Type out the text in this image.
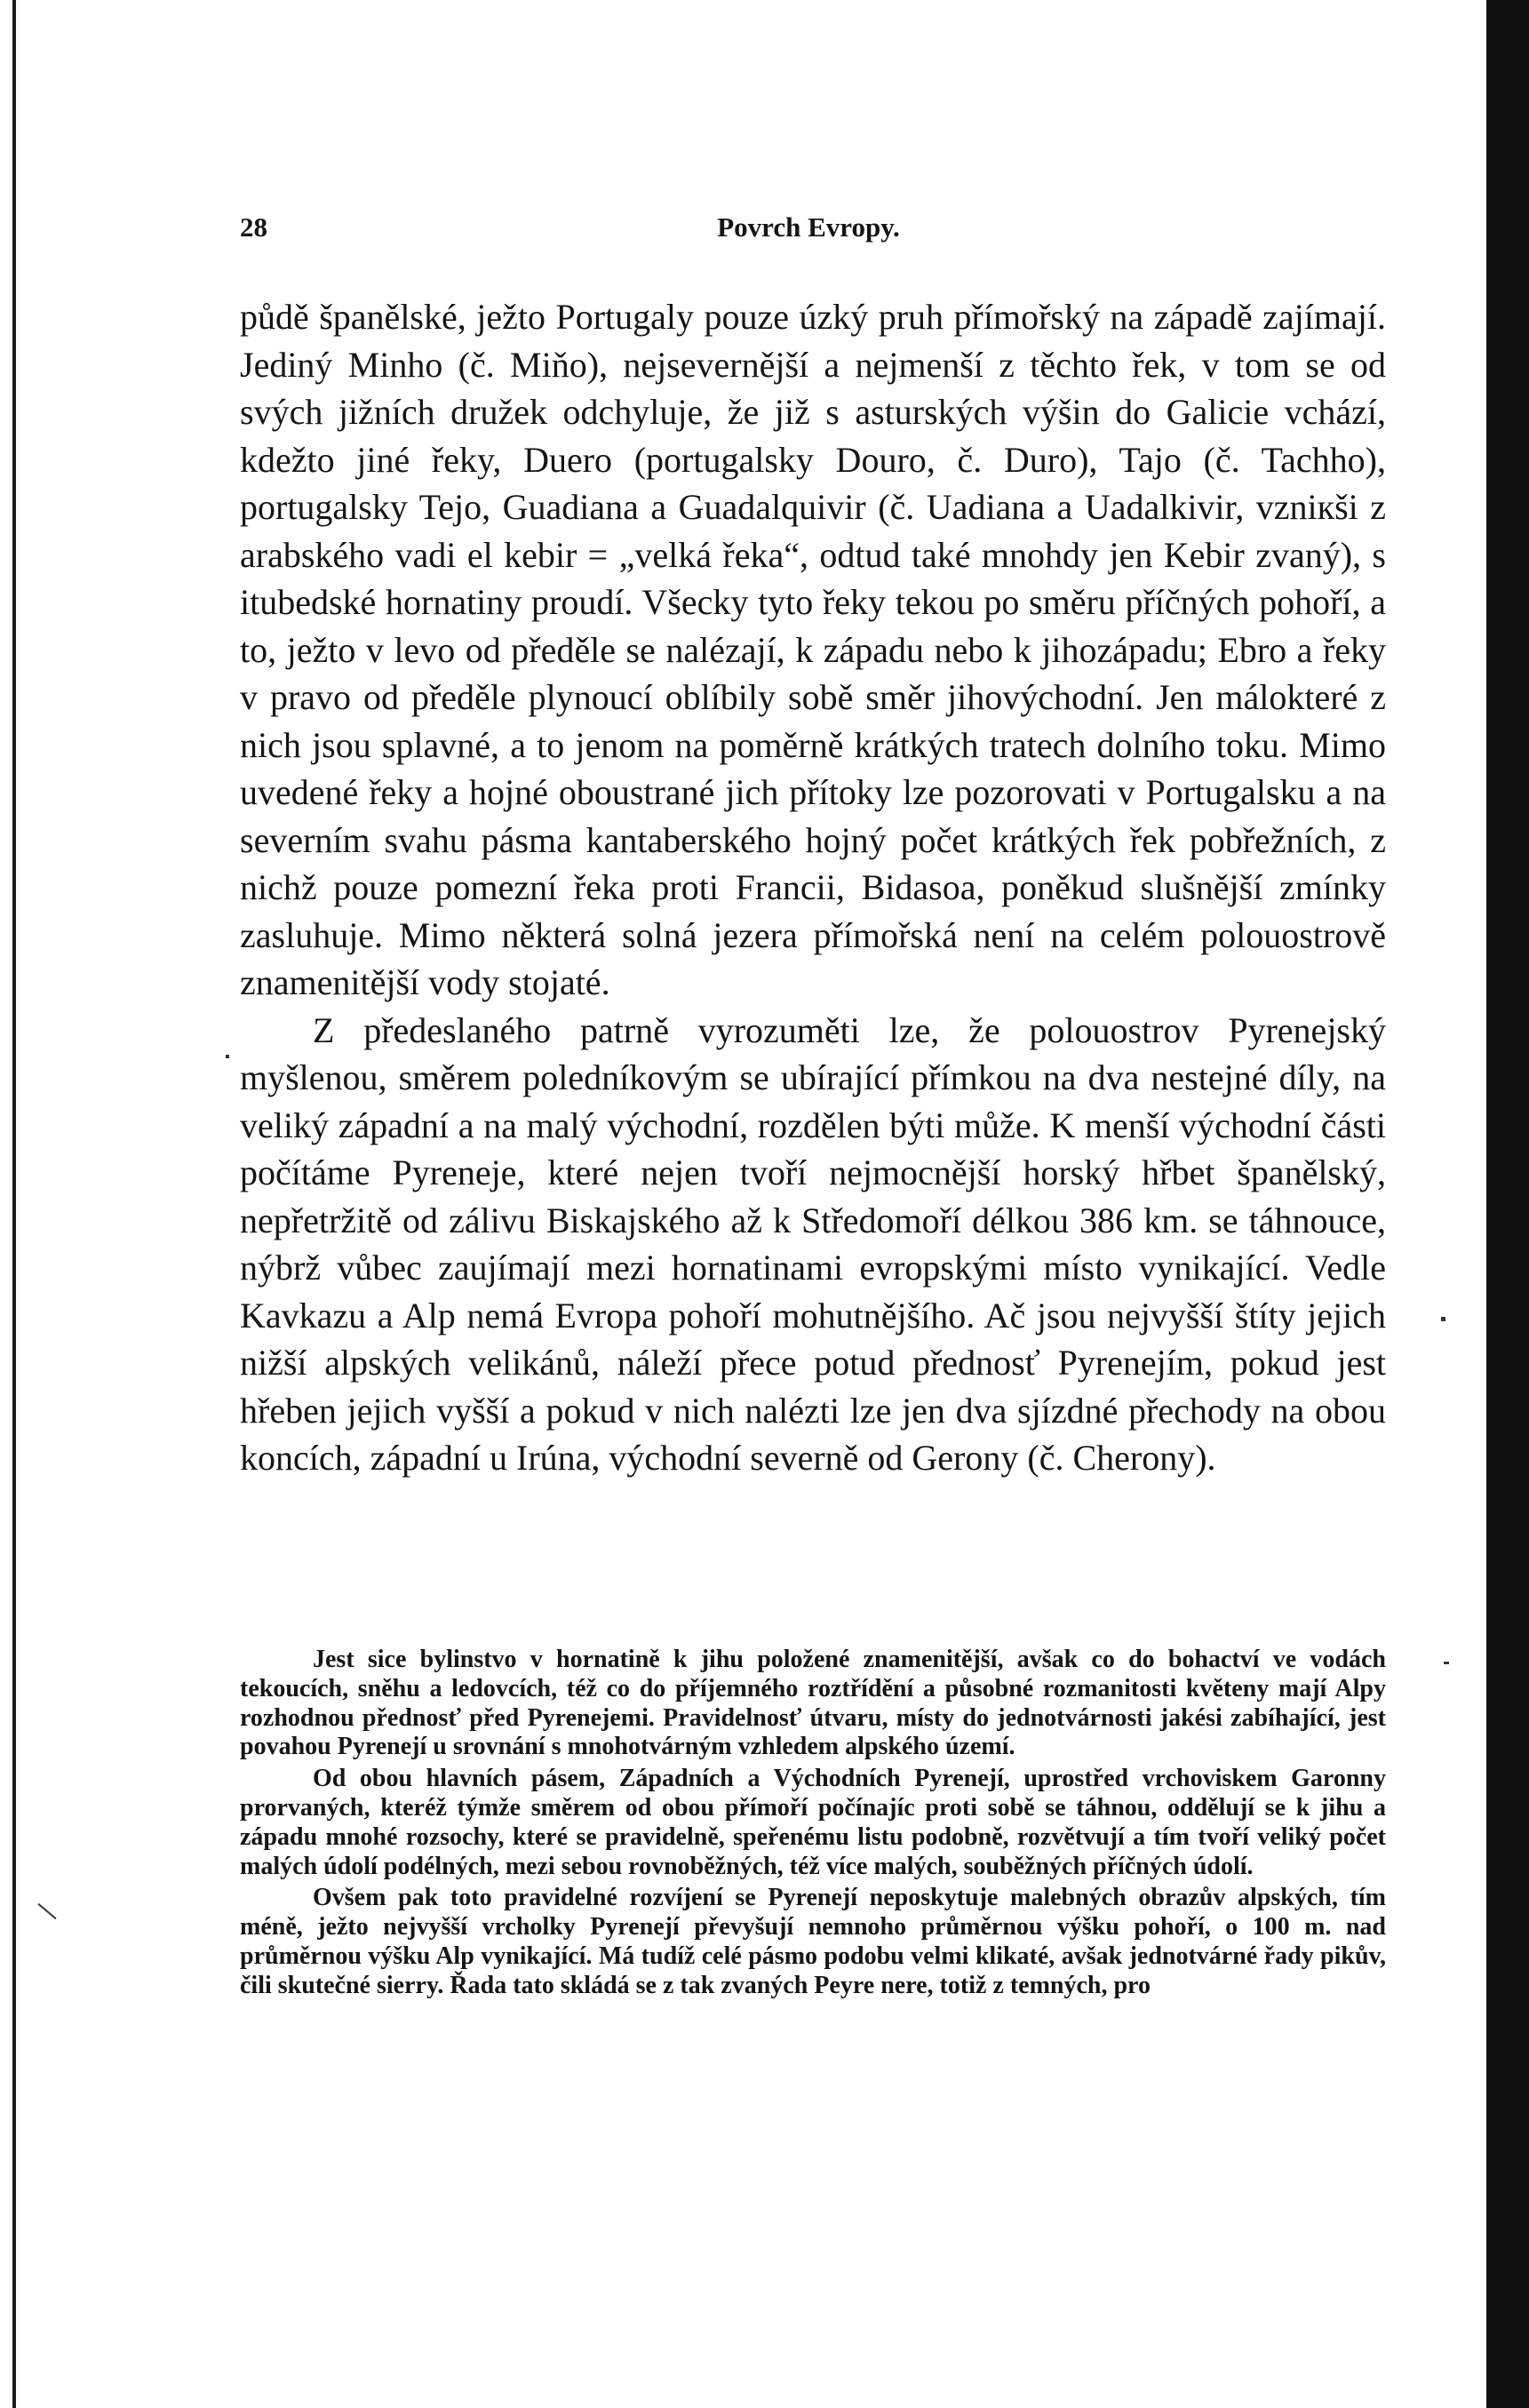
28	Povrch Evropy.

půdě španělské, ježto Portugaly pouze úzký pruh přímořský na západě zajímají. Jediný Minho (č. Miňo), nejsevernější a nejmenší z těchto řek, v tom se od svých jižních družek odchyluje, že již s asturských výšin do Galicie vchází, kdežto jiné řeky, Duero (portugalsky Douro, č. Duro), Tajo (č. Tachho), portugalsky Tejo, Guadiana a Guadalquivir (č. Uadiana a Uadalkivir, vzniкši z arabského vadi el kebir = „velká řeka“, odtud také mnohdy jen Kebir zvaný), s itubedské hornatiny proudí. Všecky tyto řeky tekou po směru příčných pohoří, a to, ježto v levo od předěle se nalézají, k západu nebo k jihozápadu; Ebro a řeky v pravo od předěle plynoucí oblíbily sobě směr jihovýchodní. Jen málokteré z nich jsou splavné, a to jenom na poměrně krátkých tratech dolního toku. Mimo uvedené řeky a hojné oboustrané jich přítoky lze pozorovati v Portugalsku a na severním svahu pásma kantaberského hojný počet krátkých řek pobřežních, z nichž pouze pomezní řeka proti Francii, Bidasoa, poněkud slušnější zmínky zasluhuje. Mimo některá solná jezera přímořská není na celém polouostrově znamenitější vody stojaté.

Z předeslaného patrně vyrozuměti lze, že polouostrov Pyrenejský myšlenou, směrem poledníkovým se ubírající přímkou na dva nestejné díly, na veliký západní a na malý východní, rozdělen býti může. K menší východní části počítáme Pyreneje, které nejen tvoří nejmocnější horský hřbet španělský, nepřetržitě od zálivu Biskajského až k Středomoří délkou 386 km. se táhnouce, nýbrž vůbec zaujímají mezi hornatinami evropskými místo vynikající. Vedle Kavkazu a Alp nemá Evropa pohoří mohutnějšího. Ač jsou nejvyšší štíty jejich nižší alpských velikánů, náleží přece potud přednosť Pyrenejím, pokud jest hřeben jejich vyšší a pokud v nich nalézti lze jen dva sjízdné přechody na obou koncích, západní u Irúna, východní severně od Gerony (č. Cherony).

Jest sice bylinstvo v hornatině k jihu položené znamenitější, avšak co do bohactví ve vodách tekoucích, sněhu a ledovcích, též co do příjemného roztřídění a působné rozmanitosti květeny mají Alpy rozhodnou přednosť před Pyrenejemi. Pravidelnosť útvaru, místy do jednotvárnosti jakési zabíhající, jest povahou Pyrenejí u srovnání s mnohotvárným vzhledem alpského území.

Od obou hlavních pásem, Západních a Východních Pyrenejí, uprostřed vrchoviskem Garonny prorvaných, kteréž týmže směrem od obou přímoří počínajíc proti sobě se táhnou, oddělují se k jihu a západu mnohé rozsochy, které se pravidelně, speřenému listu podobně, rozvětvují a tím tvoří veliký počet malých údolí podélných, mezi sebou rovnoběžných, též více malých, souběžných příčných údolí.

Ovšem pak toto pravidelné rozvíjení se Pyrenejí neposkytuje malebných obrazův alpských, tím méně, ježto nejvyšší vrcholky Pyrenejí převyšují nemnoho průměrnou výšku pohoří, o 100 m. nad průměrnou výšku Alp vynikající. Má tudíž celé pásmo podobu velmi klikaté, avšak jednotvárné řady pikův, čili skutečné sierry. Řada tato skládá se z tak zvaných Peyre nere, totiž z temných, pro
